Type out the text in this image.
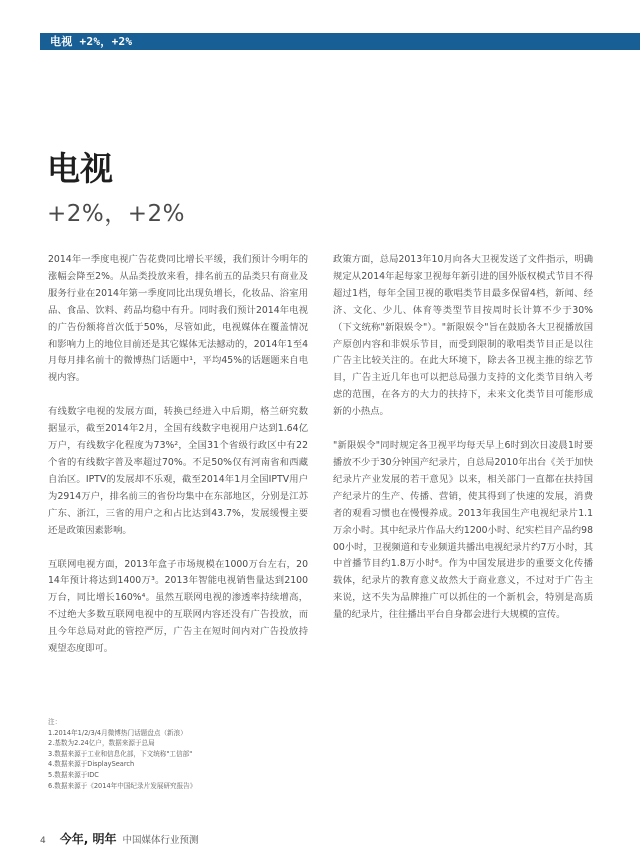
电视 +2%，+2%
电视
+2%，+2%

2014年一季度电视广告花费同比增长平缓，我们预计今明年的涨幅会降至2%。从品类投放来看，排名前五的品类只有商业及服务行业在2014年第一季度同比出现负增长，化妆品、浴室用品、食品、饮料、药品均稳中有升。同时我们预计2014年电视的广告份额将首次低于50%，尽管如此，电视媒体在覆盖情况和影响力上的地位目前还是其它媒体无法撼动的，2014年1至4月每月排名前十的微博热门话题中¹，平均45%的话题题来自电视内容。

有线数字电视的发展方面，转换已经进入中后期，格兰研究数据显示，截至2014年2月，全国有线数字电视用户达到1.64亿万户，有线数字化程度为73%²，全国31个省级行政区中有22个省的有线数字普及率超过70%。不足50%仅有河南省和西藏自治区。IPTV的发展却不乐观，截至2014年1月全国IPTV用户为2914万户，排名前三的省份均集中在东部地区，分别是江苏广东、浙江，三省的用户之和占比达到43.7%，发展缓慢主要还是政策因素影响。

互联网电视方面，2013年盒子市场规模在1000万台左右，2014年预计将达到1400万³。2013年智能电视销售量达到2100万台，同比增长160%⁴。虽然互联网电视的渗透率持续增高，不过绝大多数互联网电视中的互联网内容还没有广告投放，而且今年总局对此的管控严厉，广告主在短时间内对广告投放持观望态度即可。

政策方面，总局2013年10月向各大卫视发送了文件指示，明确规定从2014年起每家卫视每年新引进的国外版权模式节目不得超过1档，每年全国卫视的歌唱类节目最多保留4档，新闻、经济、文化、少儿、体育等类型节目按周时长计算不少于30%（下文统称"新限娱令"）。"新限娱令"旨在鼓励各大卫视播放国产原创内容和非娱乐节目，而受到限制的歌唱类节目正是以往广告主比较关注的。在此大环境下，除去各卫视主推的综艺节目，广告主近几年也可以把总局强力支持的文化类节目纳入考虑的范围，在各方的大力的扶持下，未来文化类节目可能形成新的小热点。

"新限娱令"同时规定各卫视平均每天早上6时到次日凌晨1时要播放不少于30分钟国产纪录片，自总局2010年出台《关于加快纪录片产业发展的若干意见》以来，相关部门一直都在扶持国产纪录片的生产、传播、营销，使其得到了快速的发展，消费者的观看习惯也在慢慢养成。2013年我国生产电视纪录片1.1万余小时。其中纪录片作品大约1200小时、纪实栏目产品约9800小时，卫视频道和专业频道共播出电视纪录片约7万小时，其中首播节目约1.8万小时⁶。作为中国发展进步的重要文化传播载体，纪录片的教育意义故然大于商业意义，不过对于广告主来说，这不失为品牌推广可以抓住的一个新机会，特别是高质量的纪录片，往往播出平台自身都会进行大规模的宣传。

注：
1.2014年1/2/3/4月微博热门话题盘点（新浪）
2.基数为2.24亿户，数据来源于总局
3.数据来源于工业和信息化部，下文统称"工信部"
4.数据来源于DisplaySearch
5.数据来源于IDC
6.数据来源于《2014年中国纪录片发展研究报告》
4 今年, 明年 中国媒体行业预测
